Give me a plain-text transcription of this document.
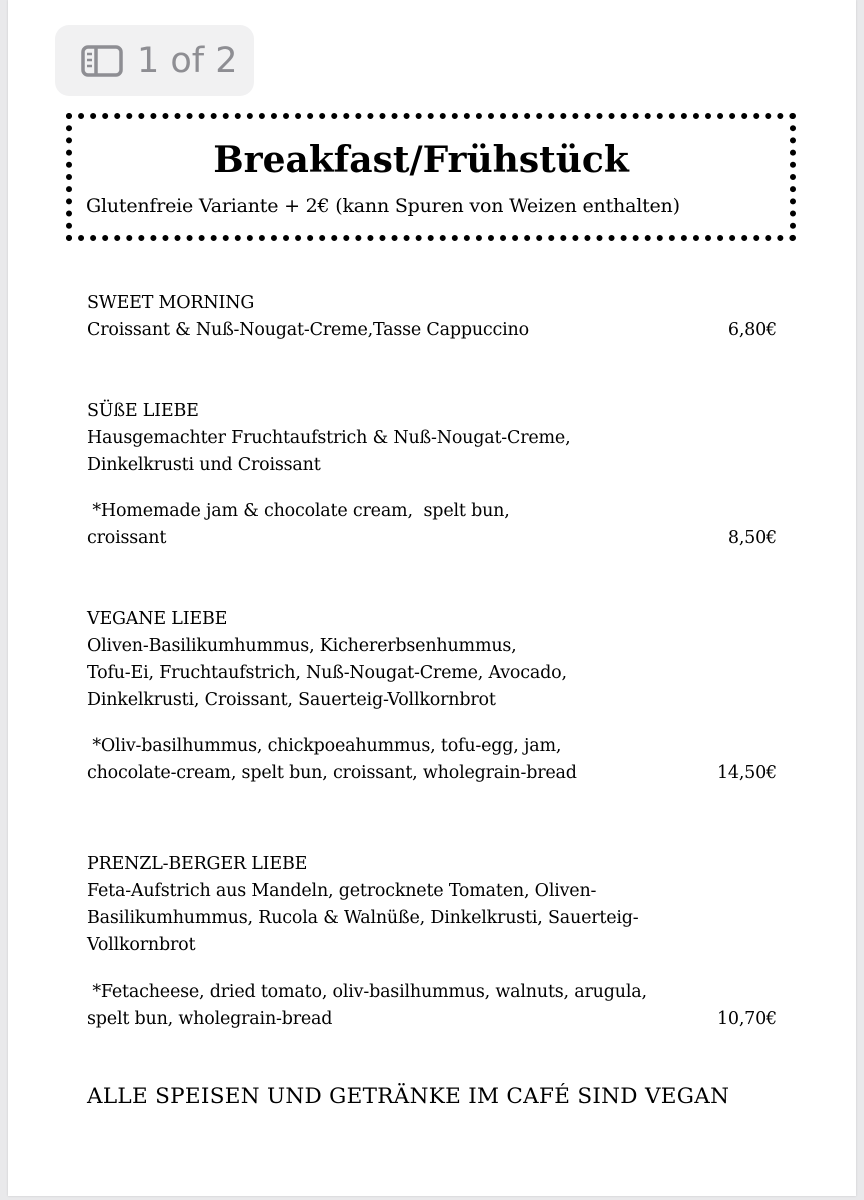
1 of 2
Breakfast/Frühstück
Glutenfreie Variante + 2€ (kann Spuren von Weizen enthalten)
SWEET MORNING
Croissant & Nuß-Nougat-Creme,Tasse Cappuccino	6,80€
SÜßE LIEBE
Hausgemachter Fruchtaufstrich & Nuß-Nougat-Creme,
Dinkelkrusti und Croissant
*Homemade jam & chocolate cream,  spelt bun,
croissant	8,50€
VEGANE LIEBE
Oliven-Basilikumhummus, Kichererbsenhummus,
Tofu-Ei, Fruchtaufstrich, Nuß-Nougat-Creme, Avocado,
Dinkelkrusti, Croissant, Sauerteig-Vollkornbrot
*Oliv-basilhummus, chickpoeahummus, tofu-egg, jam,
chocolate-cream, spelt bun, croissant, wholegrain-bread	14,50€
PRENZL-BERGER LIEBE
Feta-Aufstrich aus Mandeln, getrocknete Tomaten, Oliven-
Basilikumhummus, Rucola & Walnüße, Dinkelkrusti, Sauerteig-
Vollkornbrot
*Fetacheese, dried tomato, oliv-basilhummus, walnuts, arugula,
spelt bun, wholegrain-bread	10,70€
ALLE SPEISEN UND GETRÄNKE IM CAFÉ SIND VEGAN
